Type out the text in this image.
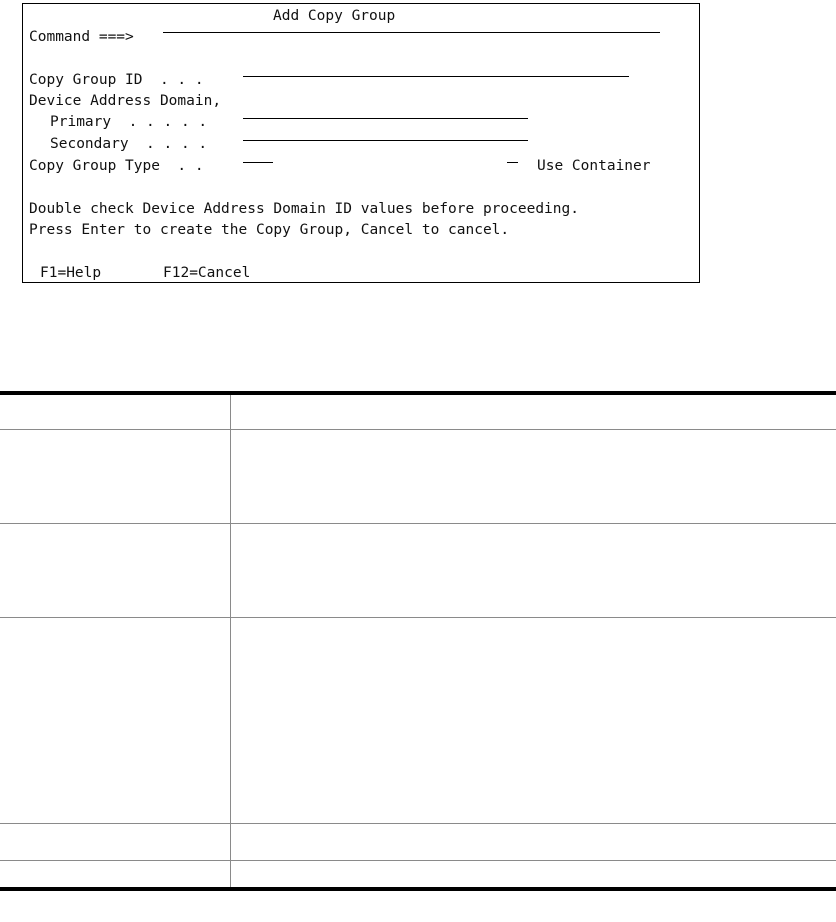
Add Copy Group
Command ===>
Copy Group ID  . . .
Device Address Domain,
Primary  . . . . .
Secondary  . . . .
Copy Group Type  . .	Use Container
Double check Device Address Domain ID values before proceeding.
Press Enter to create the Copy Group, Cancel to cancel.
F1=Help	F12=Cancel
